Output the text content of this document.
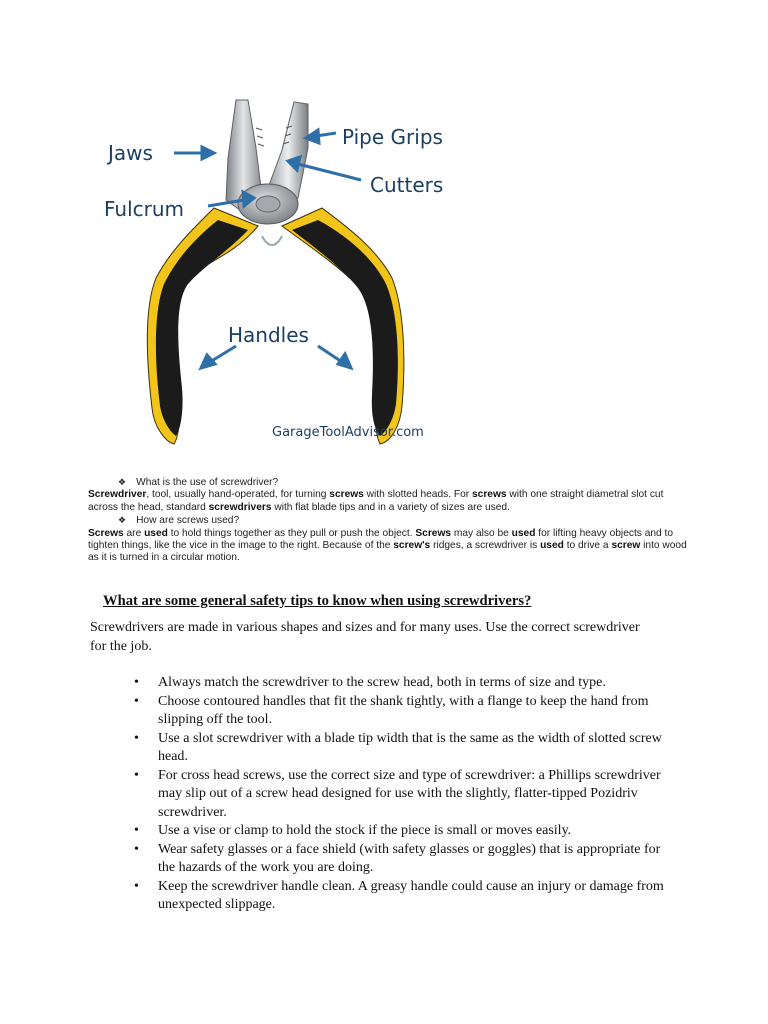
Jaws
Pipe Grips
Cutters
Fulcrum
Handles
GarageToolAdvisor.com
❖ What is the use of screwdriver?
Screwdriver, tool, usually hand-operated, for turning screws with slotted heads. For screws with one straight diametral slot cut across the head, standard screwdrivers with flat blade tips and in a variety of sizes are used.
❖ How are screws used?
Screws are used to hold things together as they pull or push the object. Screws may also be used for lifting heavy objects and to tighten things, like the vice in the image to the right. Because of the screw's ridges, a screwdriver is used to drive a screw into wood as it is turned in a circular motion.
What are some general safety tips to know when using screwdrivers?
Screwdrivers are made in various shapes and sizes and for many uses. Use the correct screwdriver for the job.
• Always match the screwdriver to the screw head, both in terms of size and type.
• Choose contoured handles that fit the shank tightly, with a flange to keep the hand from slipping off the tool.
• Use a slot screwdriver with a blade tip width that is the same as the width of slotted screw head.
• For cross head screws, use the correct size and type of screwdriver: a Phillips screwdriver may slip out of a screw head designed for use with the slightly, flatter-tipped Pozidriv screwdriver.
• Use a vise or clamp to hold the stock if the piece is small or moves easily.
• Wear safety glasses or a face shield (with safety glasses or goggles) that is appropriate for the hazards of the work you are doing.
• Keep the screwdriver handle clean. A greasy handle could cause an injury or damage from unexpected slippage.
